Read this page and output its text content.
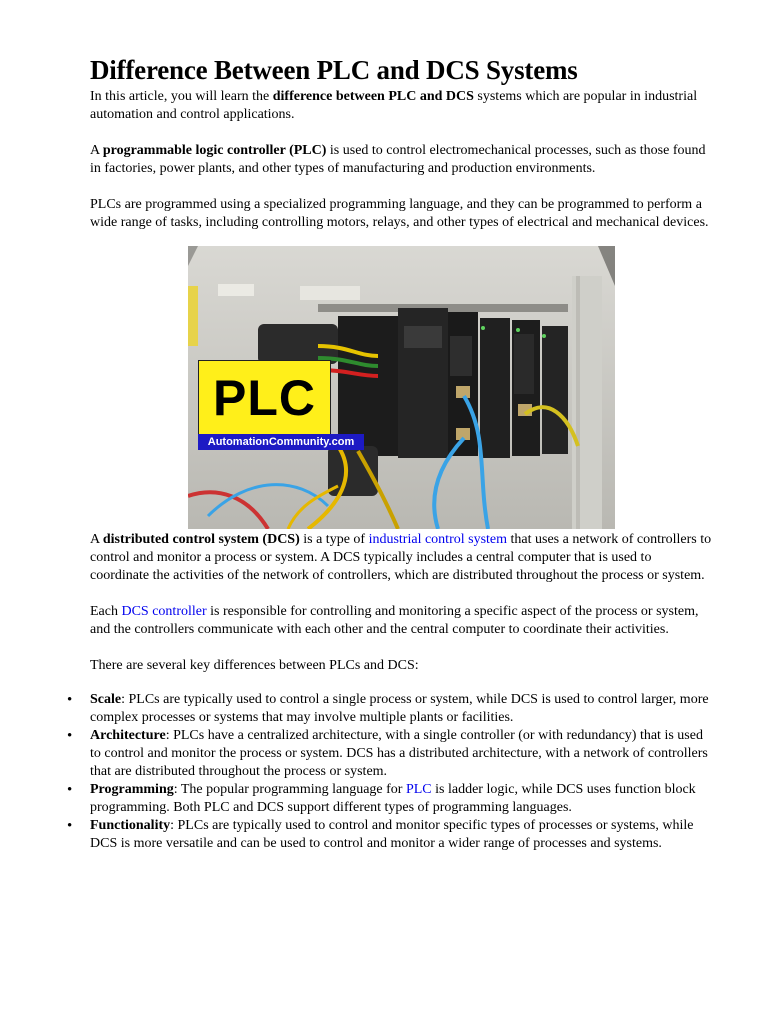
Difference Between PLC and DCS Systems

In this article, you will learn the difference between PLC and DCS systems which are popular in industrial automation and control applications.

A programmable logic controller (PLC) is used to control electromechanical processes, such as those found in factories, power plants, and other types of manufacturing and production environments.

PLCs are programmed using a specialized programming language, and they can be programmed to perform a wide range of tasks, including controlling motors, relays, and other types of electrical and mechanical devices.

PLC
AutomationCommunity.com

A distributed control system (DCS) is a type of industrial control system that uses a network of controllers to control and monitor a process or system. A DCS typically includes a central computer that is used to coordinate the activities of the network of controllers, which are distributed throughout the process or system.

Each DCS controller is responsible for controlling and monitoring a specific aspect of the process or system, and the controllers communicate with each other and the central computer to coordinate their activities.

There are several key differences between PLCs and DCS:

• Scale: PLCs are typically used to control a single process or system, while DCS is used to control larger, more complex processes or systems that may involve multiple plants or facilities.
• Architecture: PLCs have a centralized architecture, with a single controller (or with redundancy) that is used to control and monitor the process or system. DCS has a distributed architecture, with a network of controllers that are distributed throughout the process or system.
• Programming: The popular programming language for PLC is ladder logic, while DCS uses function block programming. Both PLC and DCS support different types of programming languages.
• Functionality: PLCs are typically used to control and monitor specific types of processes or systems, while DCS is more versatile and can be used to control and monitor a wider range of processes and systems.
